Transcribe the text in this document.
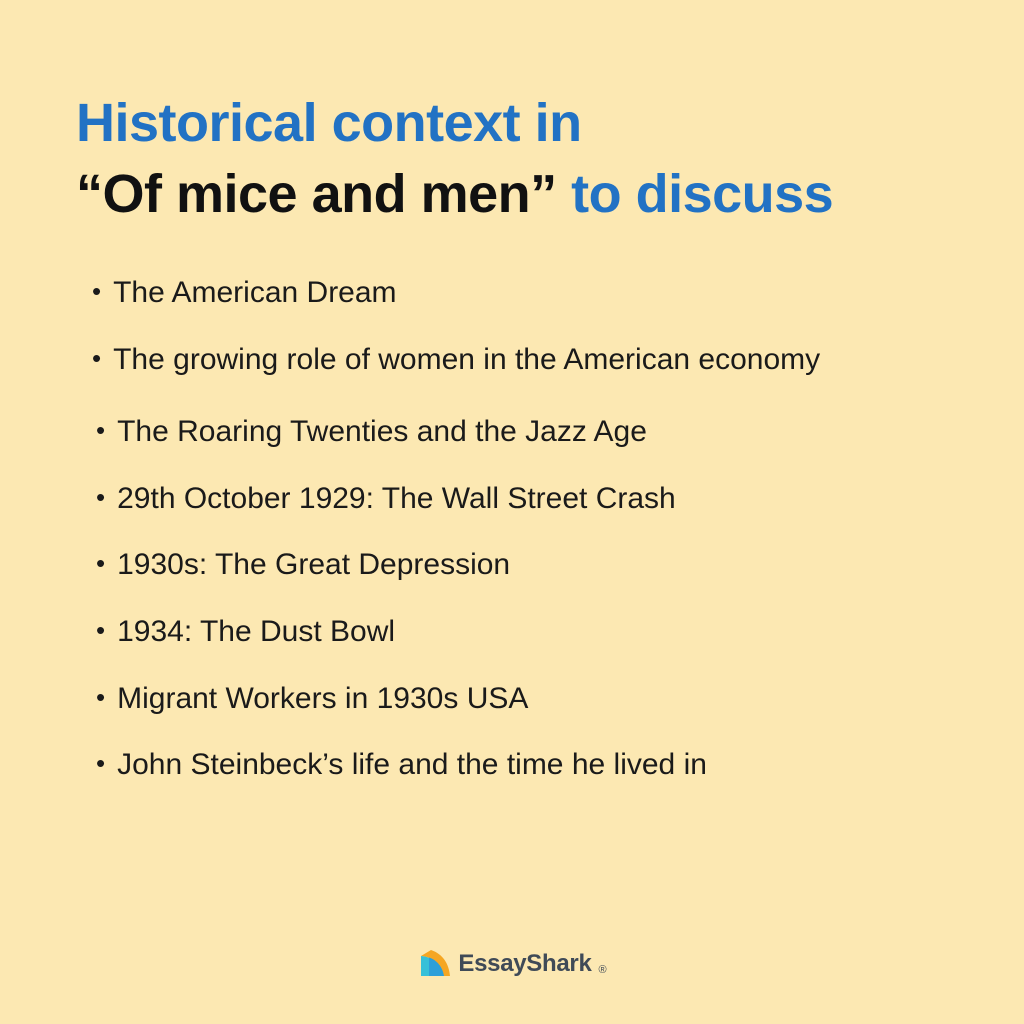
Historical context in
“Of mice and men” to discuss
• The American Dream
• The growing role of women in the American economy
• The Roaring Twenties and the Jazz Age
• 29th October 1929: The Wall Street Crash
• 1930s: The Great Depression
• 1934: The Dust Bowl
• Migrant Workers in 1930s USA
• John Steinbeck’s life and the time he lived in
EssayShark ®
